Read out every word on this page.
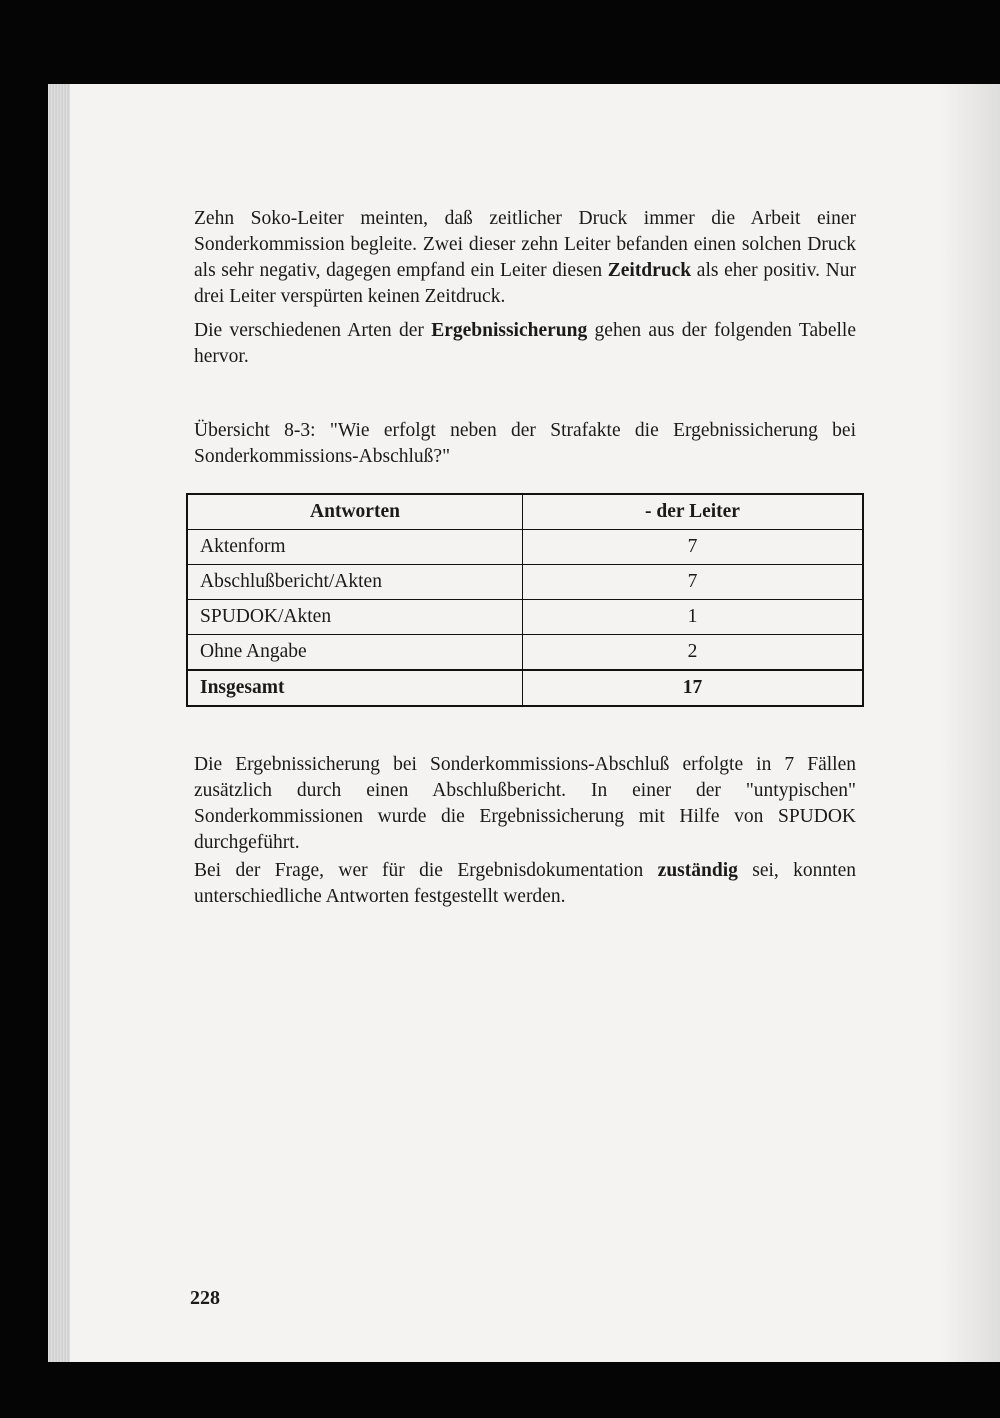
Zehn Soko-Leiter meinten, daß zeitlicher Druck immer die Arbeit einer Sonderkommission begleite. Zwei dieser zehn Leiter befanden einen solchen Druck als sehr negativ, dagegen empfand ein Leiter diesen Zeitdruck als eher positiv. Nur drei Leiter verspürten keinen Zeitdruck.

Die verschiedenen Arten der Ergebnissicherung gehen aus der folgenden Tabelle hervor.

Übersicht 8-3: "Wie erfolgt neben der Strafakte die Ergebnissicherung bei Sonderkommissions-Abschluß?"

Antworten	- der Leiter
Aktenform	7
Abschlußbericht/Akten	7
SPUDOK/Akten	1
Ohne Angabe	2
Insgesamt	17

Die Ergebnissicherung bei Sonderkommissions-Abschluß erfolgte in 7 Fällen zusätzlich durch einen Abschlußbericht. In einer der "untypischen" Sonderkommissionen wurde die Ergebnissicherung mit Hilfe von SPUDOK durchgeführt.

Bei der Frage, wer für die Ergebnisdokumentation zuständig sei, konnten unterschiedliche Antworten festgestellt werden.

228
